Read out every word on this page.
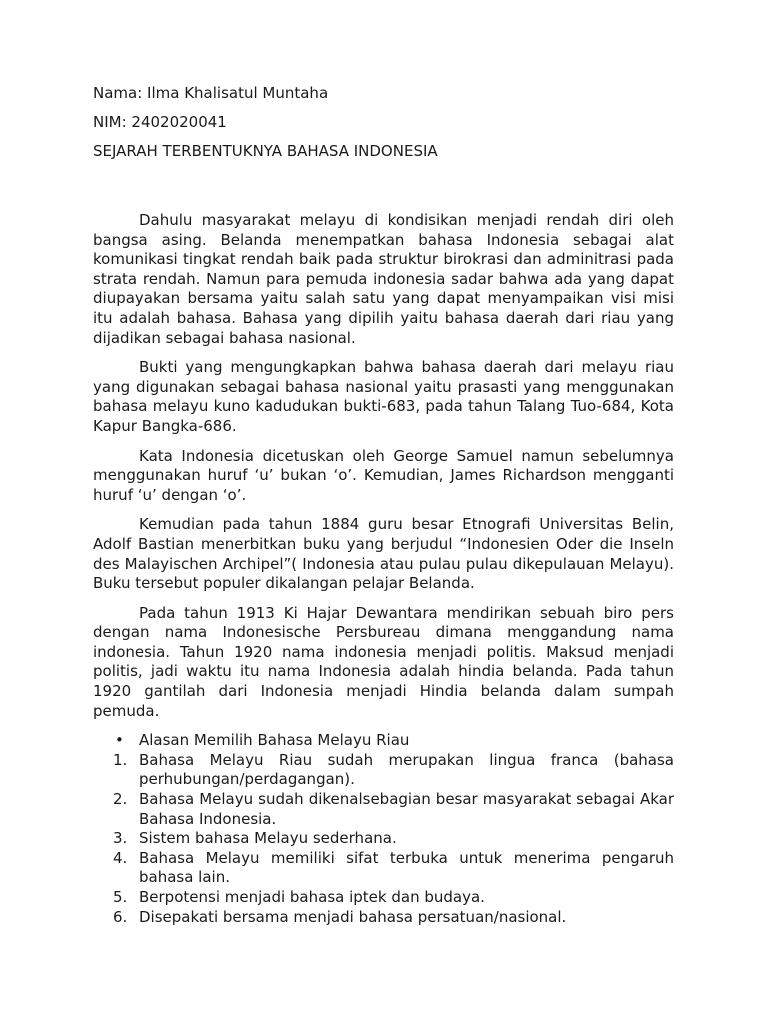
Nama: Ilma Khalisatul Muntaha
NIM: 2402020041
SEJARAH TERBENTUKNYA BAHASA INDONESIA

Dahulu masyarakat melayu di kondisikan menjadi rendah diri oleh bangsa asing. Belanda menempatkan bahasa Indonesia sebagai alat komunikasi tingkat rendah baik pada struktur birokrasi dan adminitrasi pada strata rendah. Namun para pemuda indonesia sadar bahwa ada yang dapat diupayakan bersama yaitu salah satu yang dapat menyampaikan visi misi itu adalah bahasa. Bahasa yang dipilih yaitu bahasa daerah dari riau yang dijadikan sebagai bahasa nasional.

Bukti yang mengungkapkan bahwa bahasa daerah dari melayu riau yang digunakan sebagai bahasa nasional yaitu prasasti yang menggunakan bahasa melayu kuno kadudukan bukti-683, pada tahun Talang Tuo-684, Kota Kapur Bangka-686.

Kata Indonesia dicetuskan oleh George Samuel namun sebelumnya menggunakan huruf ‘u’ bukan ‘o’. Kemudian, James Richardson mengganti huruf ‘u’ dengan ‘o’.

Kemudian pada tahun 1884 guru besar Etnografi Universitas Belin, Adolf Bastian menerbitkan buku yang berjudul “Indonesien Oder die Inseln des Malayischen Archipel”( Indonesia atau pulau pulau dikepulauan Melayu). Buku tersebut populer dikalangan pelajar Belanda.

Pada tahun 1913 Ki Hajar Dewantara mendirikan sebuah biro pers dengan nama Indonesische Persbureau dimana menggandung nama indonesia. Tahun 1920 nama indonesia menjadi politis. Maksud menjadi politis, jadi waktu itu nama Indonesia adalah hindia belanda. Pada tahun 1920 gantilah dari Indonesia menjadi Hindia belanda dalam sumpah pemuda.

• Alasan Memilih Bahasa Melayu Riau
1. Bahasa Melayu Riau sudah merupakan lingua franca (bahasa perhubungan/perdagangan).
2. Bahasa Melayu sudah dikenalsebagian besar masyarakat sebagai Akar Bahasa Indonesia.
3. Sistem bahasa Melayu sederhana.
4. Bahasa Melayu memiliki sifat terbuka untuk menerima pengaruh bahasa lain.
5. Berpotensi menjadi bahasa iptek dan budaya.
6. Disepakati bersama menjadi bahasa persatuan/nasional.
